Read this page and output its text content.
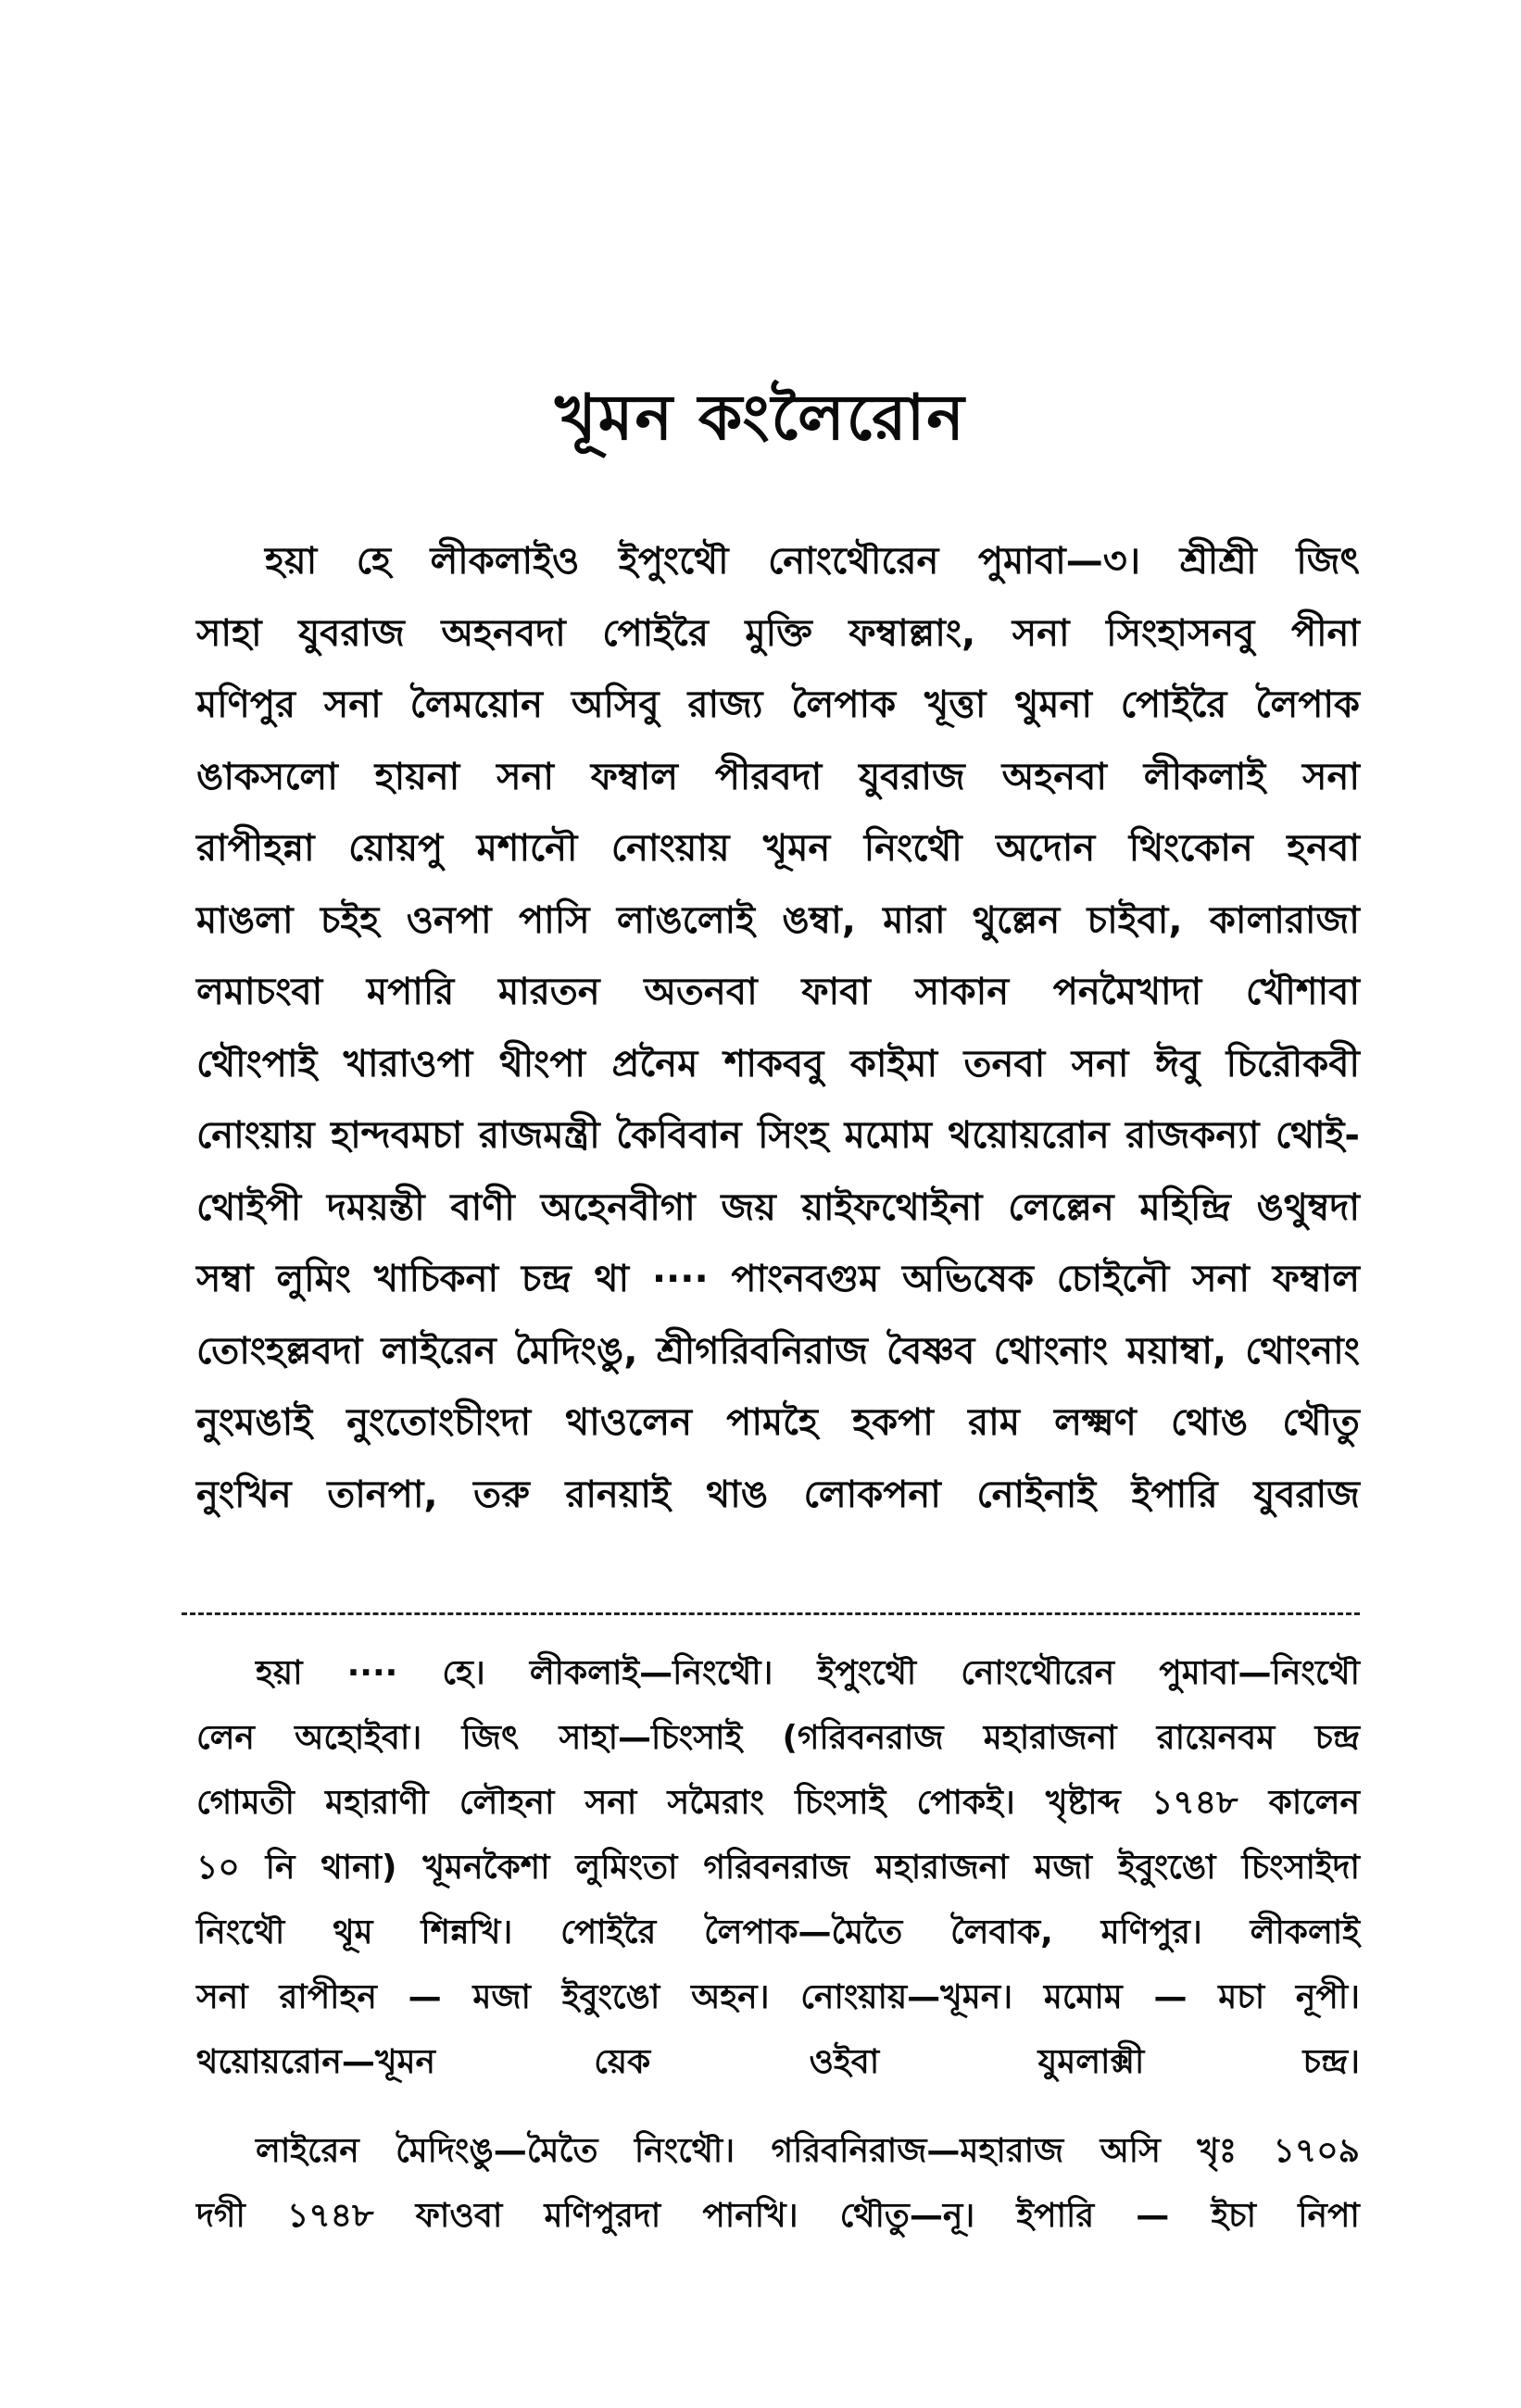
খূমন কংলৈরোন
হয়া হে লীকলাইও ইপুংথৌ নোংথৌরেন পুমাবা—৩। শ্রীশ্রী জিৎ
সাহা যুবরাজ অহনবদা পোইরৈ মুক্তি ফম্বাল্লাং, সনা সিংহাসনবু পীনা
মণিপুর সনা লৈময়োন অসিবু রাজ্য লৈপাক খূত্তা থুমনা পোইরৈ লৈপাক
ঙাকসলো হায়না সনা ফম্বাল পীরবদা যুবরাজ অহনবা লীকলাই সনা
রাপীহন্না য়োয়পু মশানৌ নোংয়ায় খূমন নিংথৌ অদোন থিংকোন হনবা
মাঙলা চইহ ওনপা পাসি লাঙলোই ঙম্বা, মারা থুল্লেন চাইবা, কালারাজা
লমাচংবা মপারি মারতন অতনবা ফাবা সাকান পনমৈখাদা খৌশাবা
থৌংপাই খারাওপা থীংপা প্রনৈম শাকববু কাইমা তনবা সনা ঈবু চিরৌকবী
নোংয়ায় হান্দবমচা রাজমন্ত্রী কৈবিবান সিংহ মমোম থয়োয়রোন রাজকন্যা থোই-
থোইপী দময়ন্তী বাণী অহেনবীগা জয় য়াইফথোইনা লেল্লেন মহিন্দ্রি ঙথুম্বদা
সম্বা লুমিং খাচিকনা চন্দ্র থা ···· পাংনবগুম অভিষেক চোইনৌ সনা ফম্বাল
তোংহল্লবদা লাইরেন মৈদিংঙু, শ্রীগরিবনিরাজ বৈষ্ণব থোংনাং ময়াম্বা, থোংনাং
নুংমঙাই নুংতোংচীংদা থাওলেন পামহৈ হকপা রাম লক্ষ্মণ থোঙ থৌতু
নুংখিন তানপা, তরু রানয়াই থাঙ লোকপনা নোইনাই ইপারি যুবরাজ
হয়া ···· হে। লীকলাই—নিংথৌ। ইপুংথৌ নোংথৌরেন পুমাবা—নিংথৌ
লেন অহোইবা। জিৎ সাহা—চিংসাই (গরিবনরাজ মহারাজনা রায়েনবম চন্দ্র
গোমতী মহারাণী লৌহনা সনা সমৈরাং চিংসাই পোকই। খৃষ্টাব্দ ১৭৪৮ কালেন
১০ নি থানা) খূমনকৈশা লুমিংতা গরিবনরাজ মহারাজনা মজা ইবুংঙো চিংসাইদা
নিংথৌ থূম শিন্নখি। পোইরৈ লৈপাক—মৈতৈ লৈবাক, মণিপুর। লীকলাই
সনা রাপীহন — মজা ইবুংঙো অহন। নোংয়ায়—খূমন। মমোম — মচা নূপী।
থয়োয়রোন—খূমন	য়েক	ওইবা	যুমলাক্সী	চন্দ্র।
লাইরেন মৈদিংঙু—মৈতৈ নিংথৌ। গরিবনিরাজ—মহারাজ অসি খৃঃ ১৭০৯
দগী ১৭৪৮ ফাওবা মণিপুরদা পানখি। থৌতু—নূ। ইপারি — ইচা নিপা
